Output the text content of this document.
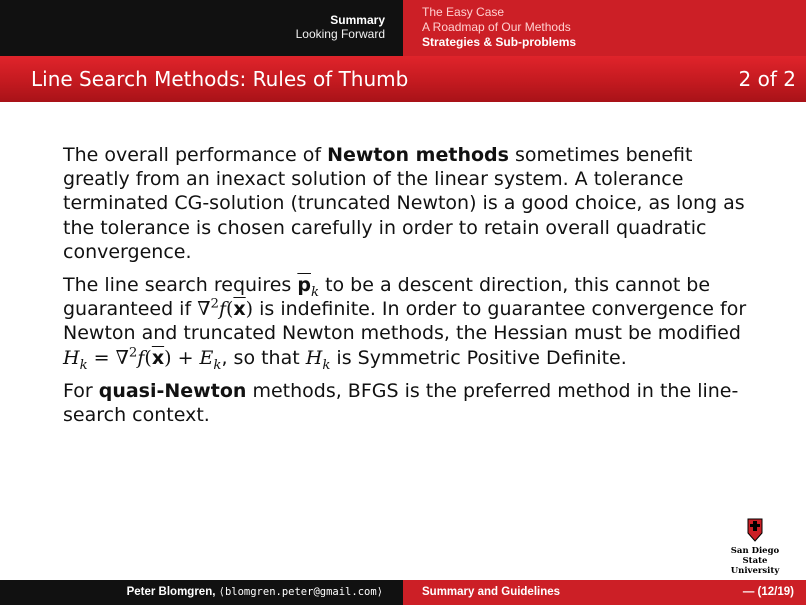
Summary
Looking Forward
The Easy Case
A Roadmap of Our Methods
Strategies & Sub-problems
Line Search Methods: Rules of Thumb	2 of 2

The overall performance of Newton methods sometimes benefit greatly from an inexact solution of the linear system. A tolerance terminated CG-solution (truncated Newton) is a good choice, as long as the tolerance is chosen carefully in order to retain overall quadratic convergence.

The line search requires $\overline{p}_k$ to be a descent direction, this cannot be guaranteed if $\nabla^2f(\overline{x})$ is indefinite. In order to guarantee convergence for Newton and truncated Newton methods, the Hessian must be modified $H_k = \nabla^2f(\overline{x}) + E_k$, so that $H_k$ is Symmetric Positive Definite.

For quasi-Newton methods, BFGS is the preferred method in the line-search context.

San Diego State
University
Peter Blomgren, ⟨blomgren.peter@gmail.com⟩	Summary and Guidelines	— (12/19)
